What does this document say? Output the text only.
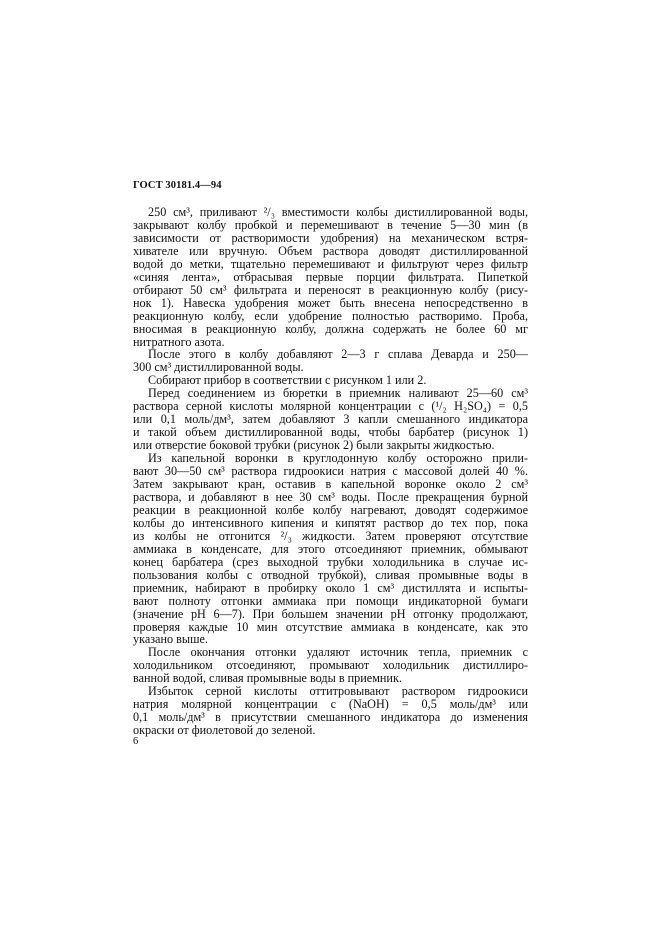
ГОСТ 30181.4—94
250 см³, приливают ²/₃ вместимости колбы дистиллированной воды,
закрывают колбу пробкой и перемешивают в течение 5—30 мин (в
зависимости от растворимости удобрения) на механическом встря-
хивателе или вручную. Объем раствора доводят дистиллированной
водой до метки, тщательно перемешивают и фильтруют через фильтр
«синяя лента», отбрасывая первые порции фильтрата. Пипеткой
отбирают 50 см³ фильтрата и переносят в реакционную колбу (рису-
нок 1). Навеска удобрения может быть внесена непосредственно в
реакционную колбу, если удобрение полностью растворимо. Проба,
вносимая в реакционную колбу, должна содержать не более 60 мг
нитратного азота.
После этого в колбу добавляют 2—3 г сплава Деварда и 250—
300 см³ дистиллированной воды.
Собирают прибор в соответствии с рисунком 1 или 2.
Перед соединением из бюретки в приемник наливают 25—60 см³
раствора серной кислоты молярной концентрации c (¹/₂ H₂SO₄) = 0,5
или 0,1 моль/дм³, затем добавляют 3 капли смешанного индикатора
и такой объем дистиллированной воды, чтобы барбатер (рисунок 1)
или отверстие боковой трубки (рисунок 2) были закрыты жидкостью.
Из капельной воронки в круглодонную колбу осторожно прили-
вают 30—50 см³ раствора гидроокиси натрия с массовой долей 40 %.
Затем закрывают кран, оставив в капельной воронке около 2 см³
раствора, и добавляют в нее 30 см³ воды. После прекращения бурной
реакции в реакционной колбе колбу нагревают, доводят содержимое
колбы до интенсивного кипения и кипятят раствор до тех пор, пока
из колбы не отгонится ²/₃ жидкости. Затем проверяют отсутствие
аммиака в конденсате, для этого отсоединяют приемник, обмывают
конец барбатера (срез выходной трубки холодильника в случае ис-
пользования колбы с отводной трубкой), сливая промывные воды в
приемник, набирают в пробирку около 1 см³ дистиллята и испыты-
вают полноту отгонки аммиака при помощи индикаторной бумаги
(значение pH 6—7). При большем значении pH отгонку продолжают,
проверяя каждые 10 мин отсутствие аммиака в конденсате, как это
указано выше.
После окончания отгонки удаляют источник тепла, приемник с
холодильником отсоединяют, промывают холодильник дистиллиро-
ванной водой, сливая промывные воды в приемник.
Избыток серной кислоты оттитровывают раствором гидроокиси
натрия молярной концентрации c (NaOH) = 0,5 моль/дм³ или
0,1 моль/дм³ в присутствии смешанного индикатора до изменения
окраски от фиолетовой до зеленой.
6
